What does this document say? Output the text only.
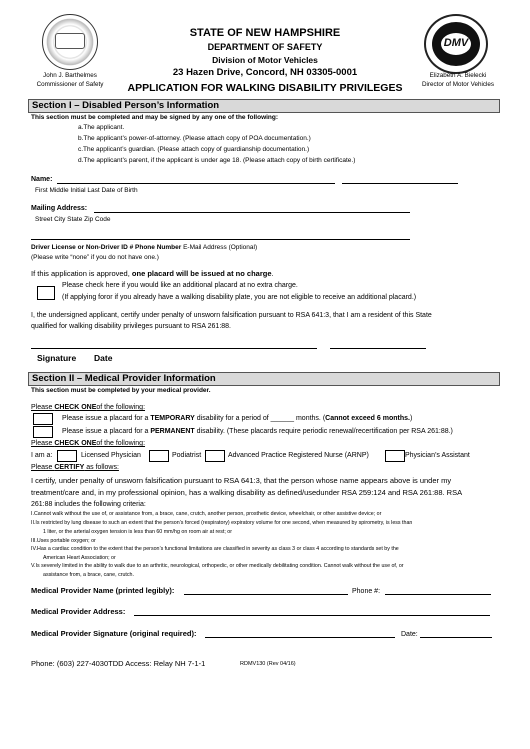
DMV
STATE OF NEW HAMPSHIRE
DEPARTMENT OF SAFETY
Division of Motor Vehicles
23 Hazen Drive, Concord, NH 03305-0001
APPLICATION FOR WALKING DISABILITY PRIVILEGES
John J. Barthelmes
Commissioner of Safety
Elizabeth A. Bielecki
Director of Motor Vehicles
Section I – Disabled Person’s Information
This section must be completed and may be signed by any one of the following:
a.The applicant.
b.The applicant’s power-of-attorney. (Please attach copy of POA documentation.)
c.The applicant’s guardian. (Please attach copy of guardianship documentation.)
d.The applicant’s parent, if the applicant is under age 18. (Please attach copy of birth certificate.)
Name:
First Middle Initial Last Date of Birth
Mailing Address:
Street City State Zip Code
Driver License or Non-Driver ID # Phone Number E-Mail Address (Optional)
(Please write “none” if you do not have one.)
If this application is approved, one placard will be issued at no charge.
Please check here if you would like an additional placard at no extra charge.
(If applying foror if you already have a walking disability plate, you are not eligible to receive an additional placard.)
I, the undersigned applicant, certify under penalty of unsworn falsification pursuant to RSA 641:3, that I am a resident of this State
qualified for walking disability privileges pursuant to RSA 261:88.
Signature Date
Section II – Medical Provider Information
This section must be completed by your medical provider.
Please CHECK ONEof the following:
Please issue a placard for a TEMPORARY disability for a period of ______ months. (Cannot exceed 6 months.)
Please issue a placard for a PERMANENT disability. (These placards require periodic renewal/recertification per RSA 261:88.)
Please CHECK ONEof the following:
I am a:	Licensed Physician	Podiatrist	Advanced Practice Registered Nurse (ARNP)	Physician’s Assistant
Please CERTIFY as follows:
I certify, under penalty of unsworn falsification pursuant to RSA 641:3, that the person whose name appears above is under my
treatment/care and, in my professional opinion, has a walking disability as defined/usedunder RSA 259:124 and RSA 261:88. RSA
261:88 includes the following criteria:
I.Cannot walk without the use of, or assistance from, a brace, cane, crutch, another person, prosthetic device, wheelchair, or other assistive device; or
II.Is restricted by lung disease to such an extent that the person’s forced (respiratory) expiratory volume for one second, when measured by spirometry, is less than
1 liter, or the arterial oxygen tension is less than 60 mm/hg on room air at rest; or
III.Uses portable oxygen; or
IV.Has a cardiac condition to the extent that the person’s functional limitations are classified in severity as class 3 or class 4 according to standards set by the
American Heart Association; or
V.Is severely limited in the ability to walk due to an arthritic, neurological, orthopedic, or other medically debilitating condition. Cannot walk without the use of, or
assistance from, a brace, cane, crutch.
Medical Provider Name (printed legibly):	Phone #:
Medical Provider Address:
Medical Provider Signature (original required):	Date:
Phone: (603) 227-4030TDD Access: Relay NH 7-1-1	RDMV130 (Rev 04/16)
